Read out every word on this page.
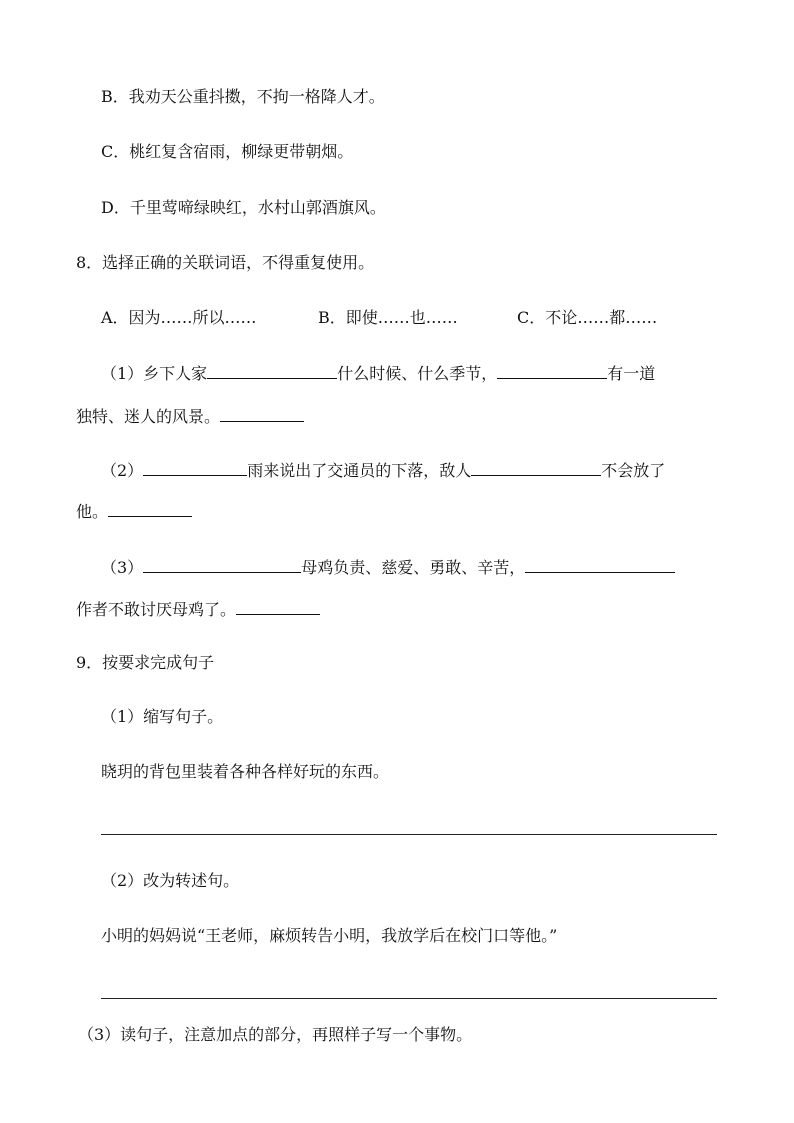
B．我劝天公重抖擞，不拘一格降人才。
C．桃红复含宿雨，柳绿更带朝烟。
D．千里莺啼绿映红，水村山郭酒旗风。
8．选择正确的关联词语，不得重复使用。
A．因为……所以……	B．即使……也……	C．不论……都……
（1）乡下人家	什么时候、什么季节，	有一道
独特、迷人的风景。
（2）	雨来说出了交通员的下落，敌人	不会放了
他。
（3）	母鸡负责、慈爱、勇敢、辛苦，
作者不敢讨厌母鸡了。
9．按要求完成句子
（1）缩写句子。
晓玥的背包里装着各种各样好玩的东西。
（2）改为转述句。
小明的妈妈说“王老师，麻烦转告小明，我放学后在校门口等他。”
（3）读句子，注意加点的部分，再照样子写一个事物。
